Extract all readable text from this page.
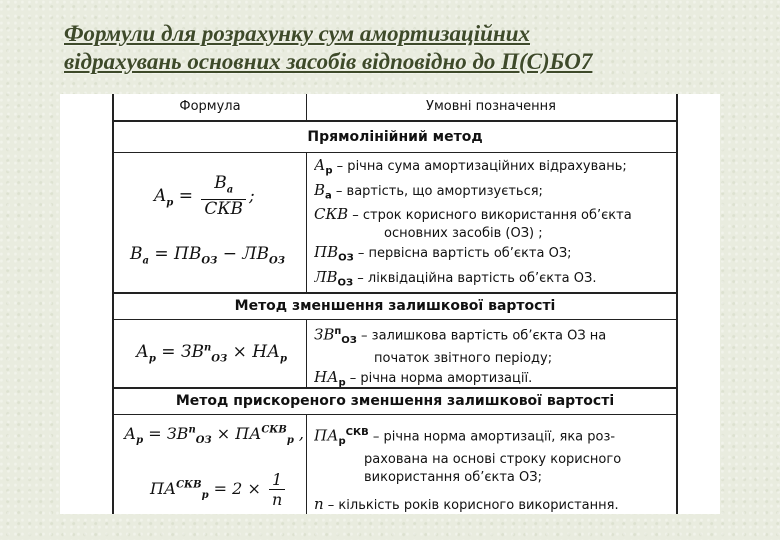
Формули для розрахунку сум амортизаційних
відрахувань основних засобів відповідно до П(С)БО7
Формула	Умовні позначення
Прямолінійний метод
$A_р = \frac{В_а}{\text{СКВ}}$ ;
$В_а = ПВ_{ОЗ} - ЛВ_{ОЗ}$
$А_р$ – річна сума амортизаційних відрахувань;
$В_а$ – вартість, що амортизується;
СКВ – строк корисного використання об’єкта
основних засобів (ОЗ) ;
$ПВ_{ОЗ}$ – первісна вартість об’єкта ОЗ;
$ЛВ_{ОЗ}$ – ліквідаційна вартість об’єкта ОЗ.
Метод зменшення залишкової вартості
$А_р = ЗВ^п_{ОЗ} \times НА_р$
$ЗВ^п_{ОЗ}$ – залишкова вартість об’єкта ОЗ на
початок звітного періоду;
$НА_р$ – річна норма амортизації.
Метод прискореного зменшення залишкової вартості
$А_р = ЗВ^п_{ОЗ} \times ПА^{СКВ}_р$ ,
$ПА^{СКВ}_р = 2 \times \frac{1}{n}$
$ПА_р^{СКВ}$ – річна норма амортизації, яка роз-
рахована на основі строку корисного
використання об’єкта ОЗ;
n – кількість років корисного використання.
